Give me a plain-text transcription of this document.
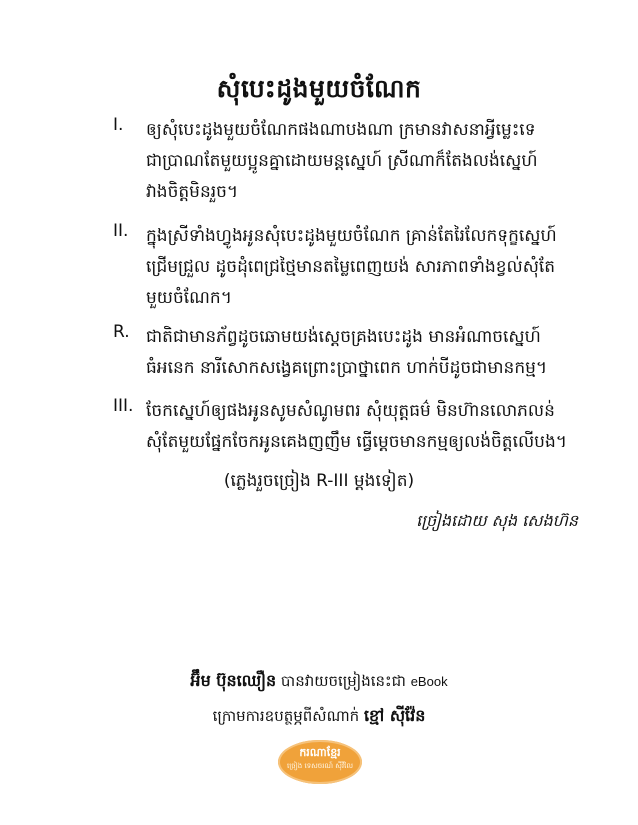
សុំបេះដូងមួយចំណែក
I. ឲ្យសុំបេះដូងមួយចំណែកផងណាបងណា ក្រមានវាសនាអ្វីម្លេះទេ
ជាប្រាណតែមួយប្អូនគ្នាដោយមន្តស្នេហ៍ ស្រីណាក៏តែងលង់ស្នេហ៍
វាងចិត្តមិនរួច។
II. ក្នុងស្រីទាំងហ្វូងអូនសុំបេះដូងមួយចំណែក គ្រាន់តែរៃលែកទុក្ខស្នេហ៍
ជ្រើមជ្រួល ដូចដុំពេជ្រថ្មៃមានតម្លៃពេញយង់ សារភាពទាំងខ្វល់សុំតែ
មួយចំណែក។
R. ជាតិជាមានភ័ព្វដូចឆោមយង់ស្តេចគ្រងបេះដូង មានអំណាចស្នេហ៍
ធំអនេក នារីសោកសង្វេគព្រោះប្រាថ្នាពេក ហាក់បីដូចជាមានកម្ម។
III. ចែកស្នេហ៍ឲ្យផងអូនសូមសំណូមពរ សុំយុត្តធម៌ មិនហ៊ានលោភលន់
សុំតែមួយផ្នែកចែកអូនគេងញញឹម ធ្វើម្តេចមានកម្មឲ្យលង់ចិត្តលើបង។
(ភ្លេងរួចច្រៀង R-III ម្តងទៀត)
ច្រៀងដោយ សុង សេងហ៊ន
អ៊ឹម ប៊ុនឈឿន បានវាយចម្រៀងនេះជា eBook
ក្រោមការឧបត្ថម្ភពីសំណាក់ ខ្មៅ ស៊ីវ៉ែន
ករណាខ្មែរ
ច្រៀង ទេសចរណ៍ ស៊ីវីលៃ
